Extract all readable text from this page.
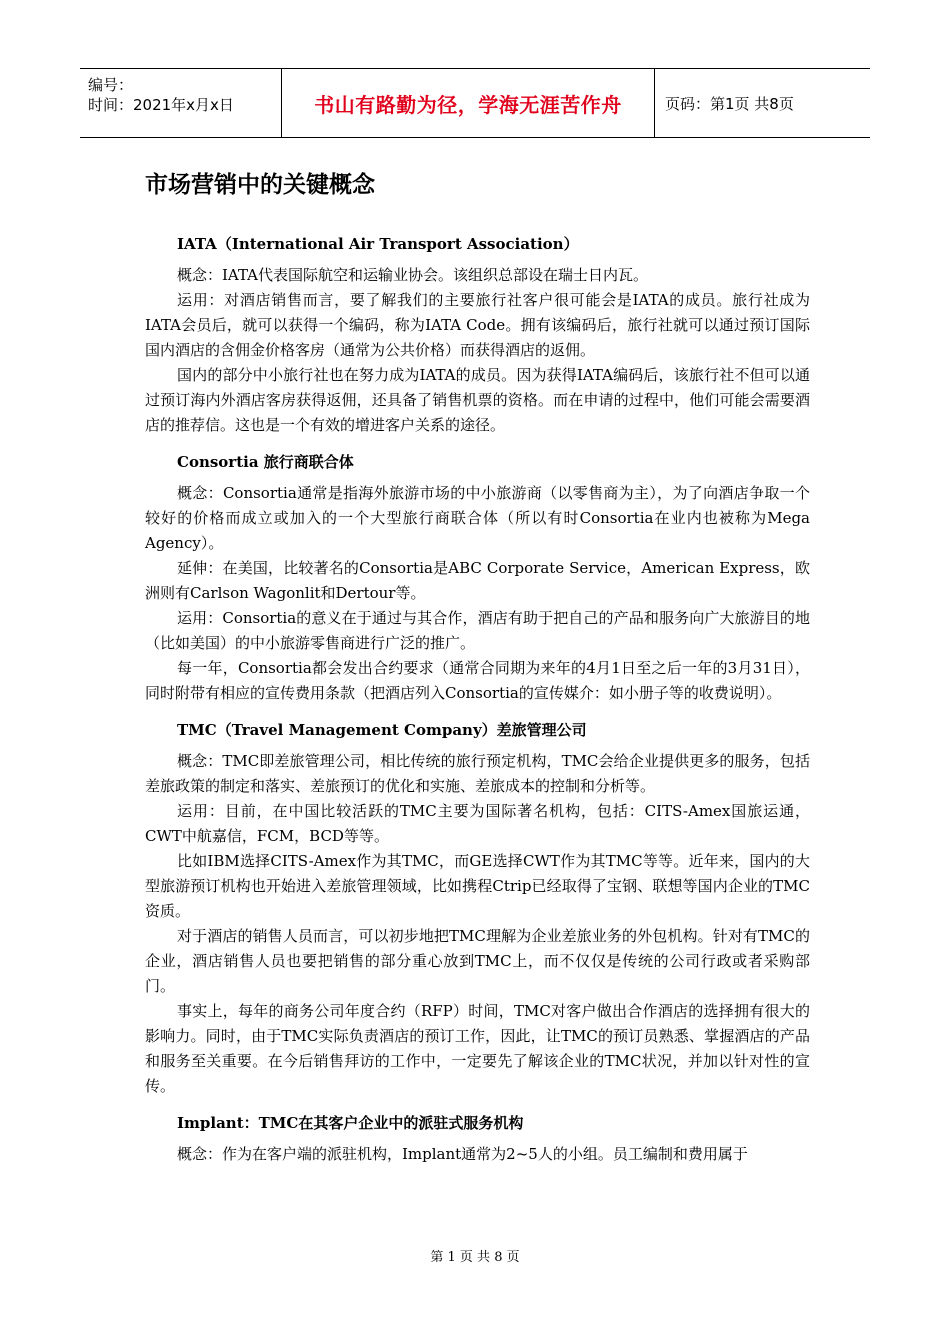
编号：
时间：2021年x月x日	书山有路勤为径，学海无涯苦作舟	页码：第1页 共8页
市场营销中的关键概念
IATA（International Air Transport Association）

概念：IATA代表国际航空和运输业协会。该组织总部设在瑞士日内瓦。

运用：对酒店销售而言，要了解我们的主要旅行社客户很可能会是IATA的成员。旅行社成为IATA会员后，就可以获得一个编码，称为IATA Code。拥有该编码后，旅行社就可以通过预订国际国内酒店的含佣金价格客房（通常为公共价格）而获得酒店的返佣。

国内的部分中小旅行社也在努力成为IATA的成员。因为获得IATA编码后，该旅行社不但可以通过预订海内外酒店客房获得返佣，还具备了销售机票的资格。而在申请的过程中，他们可能会需要酒店的推荐信。这也是一个有效的增进客户关系的途径。

Consortia 旅行商联合体

概念：Consortia通常是指海外旅游市场的中小旅游商（以零售商为主），为了向酒店争取一个较好的价格而成立或加入的一个大型旅行商联合体（所以有时Consortia在业内也被称为Mega Agency）。

延伸：在美国，比较著名的Consortia是ABC Corporate Service，American Express，欧洲则有Carlson Wagonlit和Dertour等。

运用：Consortia的意义在于通过与其合作，酒店有助于把自己的产品和服务向广大旅游目的地（比如美国）的中小旅游零售商进行广泛的推广。

每一年，Consortia都会发出合约要求（通常合同期为来年的4月1日至之后一年的3月31日），同时附带有相应的宣传费用条款（把酒店列入Consortia的宣传媒介：如小册子等的收费说明）。

TMC（Travel Management Company）差旅管理公司

概念：TMC即差旅管理公司，相比传统的旅行预定机构，TMC会给企业提供更多的服务，包括差旅政策的制定和落实、差旅预订的优化和实施、差旅成本的控制和分析等。

运用：目前，在中国比较活跃的TMC主要为国际著名机构，包括：CITS-Amex国旅运通，CWT中航嘉信，FCM，BCD等等。

比如IBM选择CITS-Amex作为其TMC，而GE选择CWT作为其TMC等等。近年来，国内的大型旅游预订机构也开始进入差旅管理领域，比如携程Ctrip已经取得了宝钢、联想等国内企业的TMC资质。

对于酒店的销售人员而言，可以初步地把TMC理解为企业差旅业务的外包机构。针对有TMC的企业，酒店销售人员也要把销售的部分重心放到TMC上，而不仅仅是传统的公司行政或者采购部门。

事实上，每年的商务公司年度合约（RFP）时间，TMC对客户做出合作酒店的选择拥有很大的影响力。同时，由于TMC实际负责酒店的预订工作，因此，让TMC的预订员熟悉、掌握酒店的产品和服务至关重要。在今后销售拜访的工作中，一定要先了解该企业的TMC状况，并加以针对性的宣传。

Implant：TMC在其客户企业中的派驻式服务机构

概念：作为在客户端的派驻机构，Implant通常为2~5人的小组。员工编制和费用属于

第 1 页 共 8 页
